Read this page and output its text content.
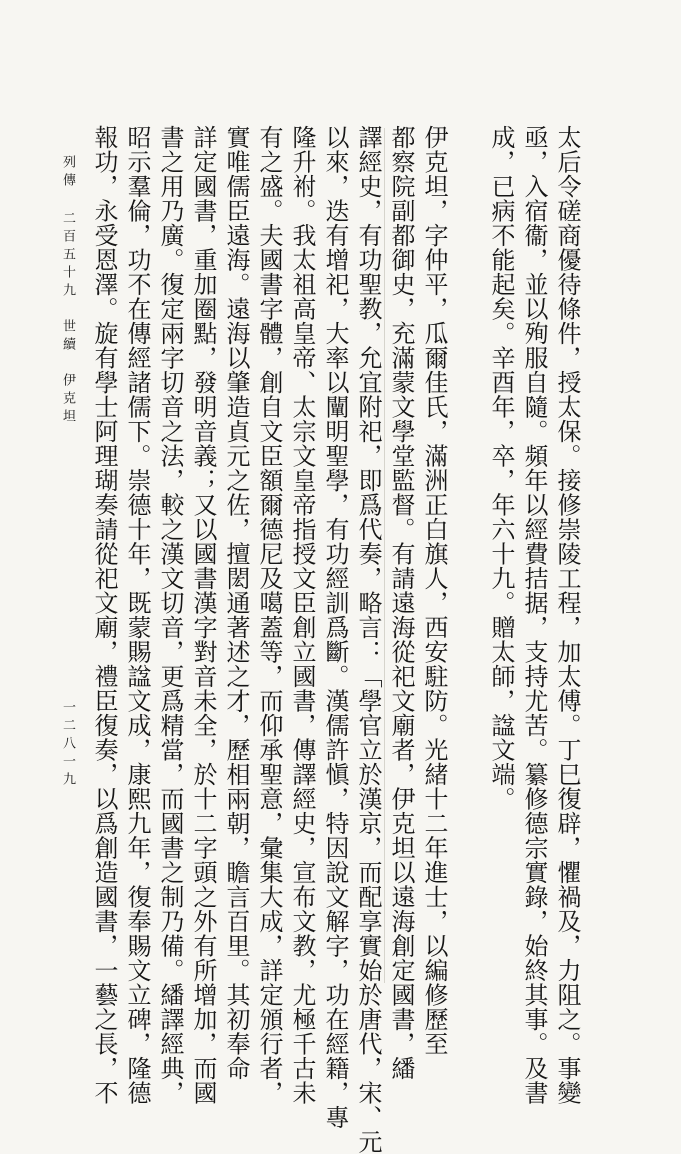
太后令磋商優待條件，授太保。接修崇陵工程，加太傅。丁巳復辟，懼禍及，力阻之。事變
亟，入宿衞，並以殉服自隨。頻年以經費拮据，支持尤苦。纂修德宗實錄，始終其事。及書
成，已病不能起矣。辛酉年，卒，年六十九。贈太師，諡文端。
伊克坦，字仲平，瓜爾佳氏，滿洲正白旗人，西安駐防。光緒十二年進士，以編修歷至
都察院副都御史，充滿蒙文學堂監督。有請遠海從祀文廟者，伊克坦以遠海創定國書，繙
譯經史，有功聖教，允宜附祀，即爲代奏，略言：「學官立於漢京，而配享實始於唐代，宋、元
以來，迭有增祀，大率以闡明聖學，有功經訓爲斷。漢儒許愼，特因說文解字，功在經籍，專
隆升祔。我太祖高皇帝、太宗文皇帝指授文臣創立國書，傳譯經史，宣布文教，尤極千古未
有之盛。夫國書字體，創自文臣額爾德尼及噶蓋等，而仰承聖意，彙集大成，詳定頒行者，
實唯儒臣遠海。遠海以肇造貞元之佐，擅閎通著述之才，歷相兩朝，瞻言百里。其初奉命
詳定國書，重加圈點，發明音義；又以國書漢字對音未全，於十二字頭之外有所增加，而國
書之用乃廣。復定兩字切音之法，較之漢文切音，更爲精當，而國書之制乃備。繙譯經典，
昭示羣倫，功不在傳經諸儒下。崇德十年，既蒙賜諡文成，康熙九年，復奉賜文立碑，隆德
報功，永受恩澤。旋有學士阿理瑚奏請從祀文廟，禮臣復奏，以爲創造國書，一藝之長，不
列傳 二百五十九　世續　伊克坦
一二八一九
